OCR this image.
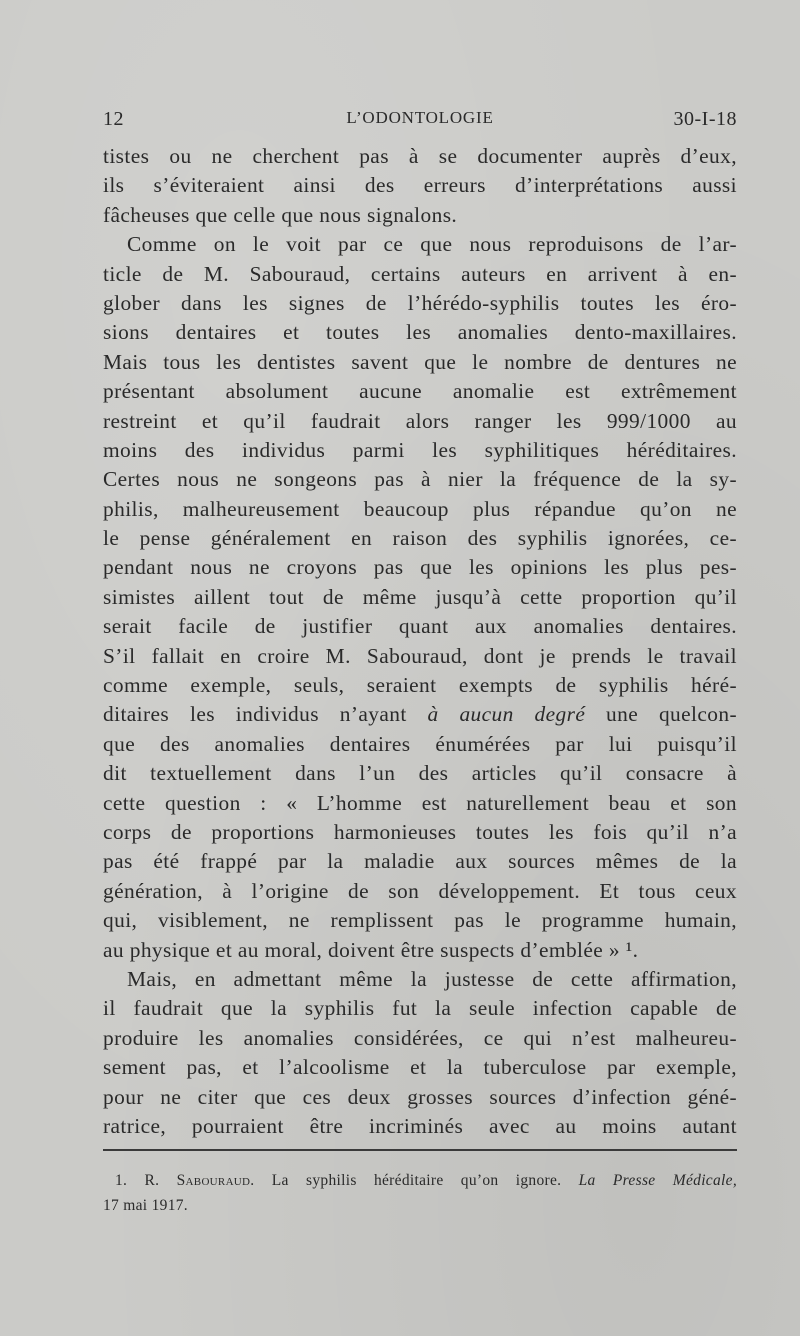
12	L’ODONTOLOGIE	30-I-18
tistes ou ne cherchent pas à se documenter auprès d’eux,
ils s’éviteraient ainsi des erreurs d’interprétations aussi
fâcheuses que celle que nous signalons.
Comme on le voit par ce que nous reproduisons de l’ar-
ticle de M. Sabouraud, certains auteurs en arrivent à en-
glober dans les signes de l’hérédo-syphilis toutes les éro-
sions dentaires et toutes les anomalies dento-maxillaires.
Mais tous les dentistes savent que le nombre de dentures ne
présentant absolument aucune anomalie est extrêmement
restreint et qu’il faudrait alors ranger les 999/1000 au
moins des individus parmi les syphilitiques héréditaires.
Certes nous ne songeons pas à nier la fréquence de la sy-
philis, malheureusement beaucoup plus répandue qu’on ne
le pense généralement en raison des syphilis ignorées, ce-
pendant nous ne croyons pas que les opinions les plus pes-
simistes aillent tout de même jusqu’à cette proportion qu’il
serait facile de justifier quant aux anomalies dentaires.
S’il fallait en croire M. Sabouraud, dont je prends le travail
comme exemple, seuls, seraient exempts de syphilis héré-
ditaires les individus n’ayant à aucun degré une quelcon-
que des anomalies dentaires énumérées par lui puisqu’il
dit textuellement dans l’un des articles qu’il consacre à
cette question : « L’homme est naturellement beau et son
corps de proportions harmonieuses toutes les fois qu’il n’a
pas été frappé par la maladie aux sources mêmes de la
génération, à l’origine de son développement. Et tous ceux
qui, visiblement, ne remplissent pas le programme humain,
au physique et au moral, doivent être suspects d’emblée » ¹.
Mais, en admettant même la justesse de cette affirmation,
il faudrait que la syphilis fut la seule infection capable de
produire les anomalies considérées, ce qui n’est malheureu-
sement pas, et l’alcoolisme et la tuberculose par exemple,
pour ne citer que ces deux grosses sources d’infection géné-
ratrice, pourraient être incriminés avec au moins autant
1. R. Sabouraud. La syphilis héréditaire qu’on ignore. La Presse Médicale,
17 mai 1917.
